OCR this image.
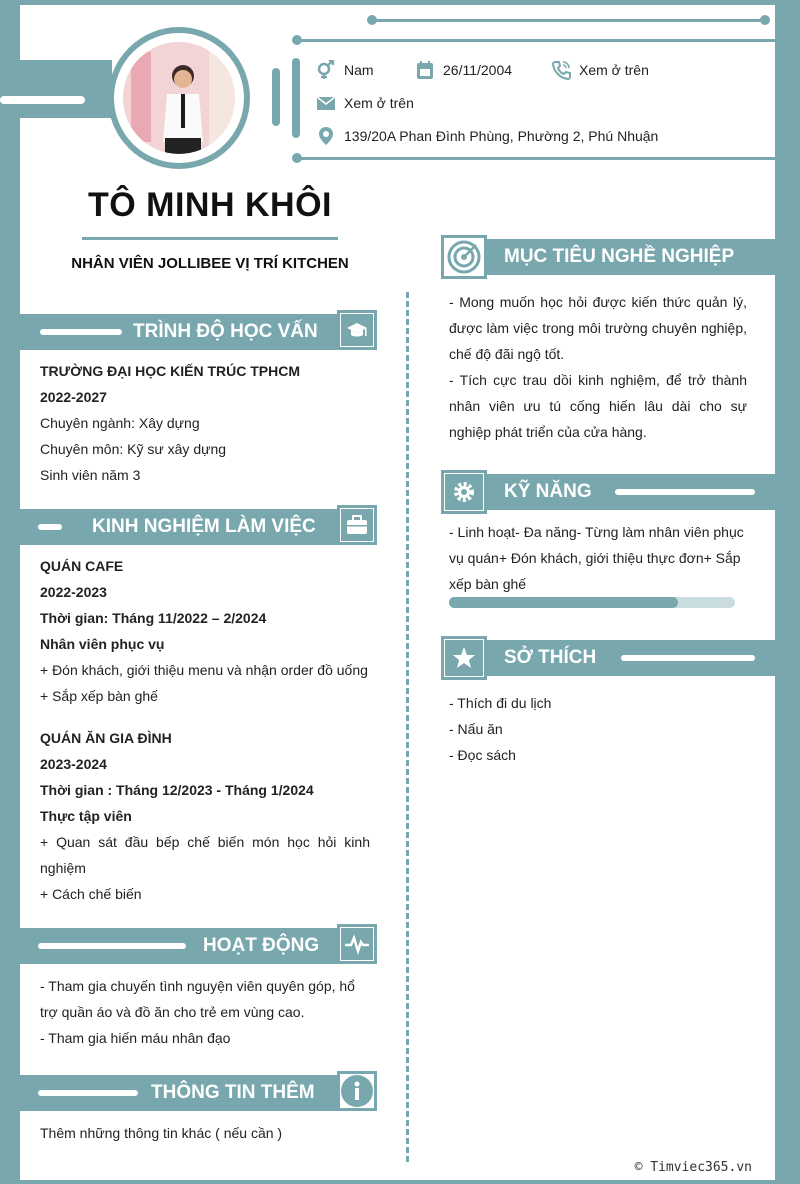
Nam	26/11/2004	Xem ở trên
Xem ở trên
139/20A Phan Đình Phùng, Phường 2, Phú Nhuận
TÔ MINH KHÔI
NHÂN VIÊN JOLLIBEE VỊ TRÍ KITCHEN
TRÌNH ĐỘ HỌC VẤN

TRƯỜNG ĐẠI HỌC KIẾN TRÚC TPHCM

2022-2027

Chuyên ngành: Xây dựng

Chuyên môn: Kỹ sư xây dựng

Sinh viên năm 3

KINH NGHIỆM LÀM VIỆC

QUÁN CAFE

2022-2023

Thời gian: Tháng 11/2022 – 2/2024

Nhân viên phục vụ

+ Đón khách, giới thiệu menu và nhận order đồ uống

+ Sắp xếp bàn ghế

QUÁN ĂN GIA ĐÌNH

2023-2024

Thời gian : Tháng 12/2023 - Tháng 1/2024

Thực tập viên

+ Quan sát đầu bếp chế biến món học hỏi kinh nghiệm

+ Cách chế biến

HOẠT ĐỘNG

- Tham gia chuyến tình nguyện viên quyên góp, hổ trợ quần áo và đồ ăn cho trẻ em vùng cao.

- Tham gia hiến máu nhân đạo

THÔNG TIN THÊM
Thêm những thông tin khác ( nếu cần )
MỤC TIÊU NGHỀ NGHIỆP

- Mong muốn học hỏi được kiến thức quản lý, được làm việc trong môi trường chuyên nghiệp, chế độ đãi ngộ tốt.

- Tích cực trau dồi kinh nghiệm, để trở thành nhân viên ưu tú cống hiến lâu dài cho sự nghiệp phát triển của cửa hàng.

KỸ NĂNG
- Linh hoạt- Đa năng- Từng làm nhân viên phục vụ quán+ Đón khách, giới thiệu thực đơn+ Sắp xếp bàn ghế
SỞ THÍCH

- Thích đi du lịch

- Nấu ăn

- Đọc sách

© Timviec365.vn
